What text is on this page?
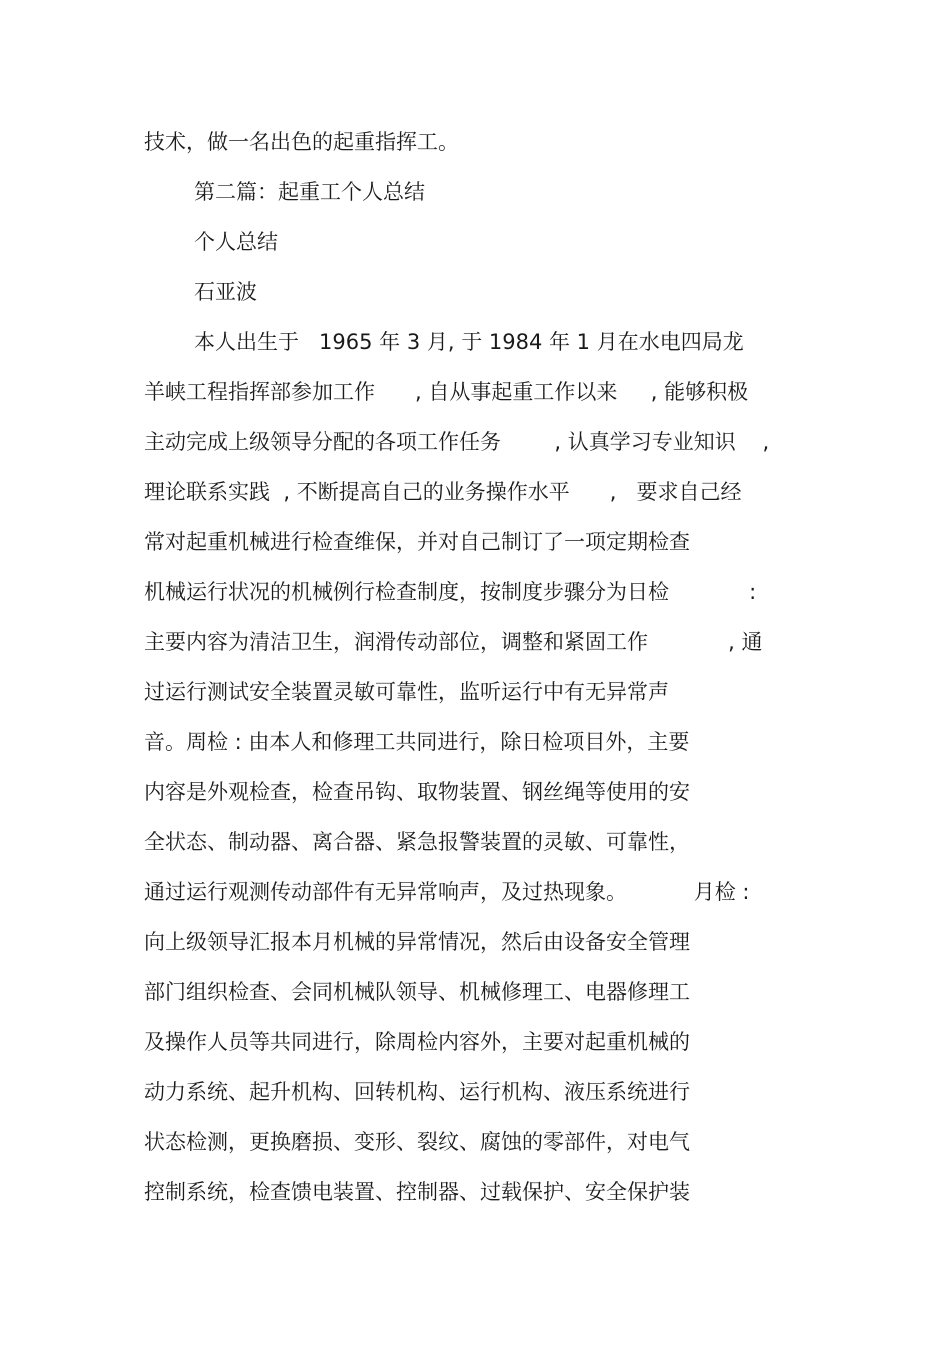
技术，做一名出色的起重指挥工。
第二篇：起重工个人总结
个人总结
石亚波
本人出生于   1965 年 3 月, 于 1984 年 1 月在水电四局龙
羊峡工程指挥部参加工作      , 自从事起重工作以来     , 能够积极
主动完成上级领导分配的各项工作任务        , 认真学习专业知识    ,
理论联系实践  , 不断提高自己的业务操作水平      ,   要求自己经
常对起重机械进行检查维保，并对自己制订了一项定期检查
机械运行状况的机械例行检查制度，按制度步骤分为日检            :
主要内容为清洁卫生，润滑传动部位，调整和紧固工作            , 通
过运行测试安全装置灵敏可靠性，监听运行中有无异常声
音。周检 : 由本人和修理工共同进行，除日检项目外，主要
内容是外观检查，检查吊钩、取物装置、钢丝绳等使用的安
全状态、制动器、离合器、紧急报警装置的灵敏、可靠性，
通过运行观测传动部件有无异常响声，及过热现象。          月检 :
向上级领导汇报本月机械的异常情况，然后由设备安全管理
部门组织检查、会同机械队领导、机械修理工、电器修理工
及操作人员等共同进行，除周检内容外，主要对起重机械的
动力系统、起升机构、回转机构、运行机构、液压系统进行
状态检测，更换磨损、变形、裂纹、腐蚀的零部件，对电气
控制系统，检查馈电装置、控制器、过载保护、安全保护装
